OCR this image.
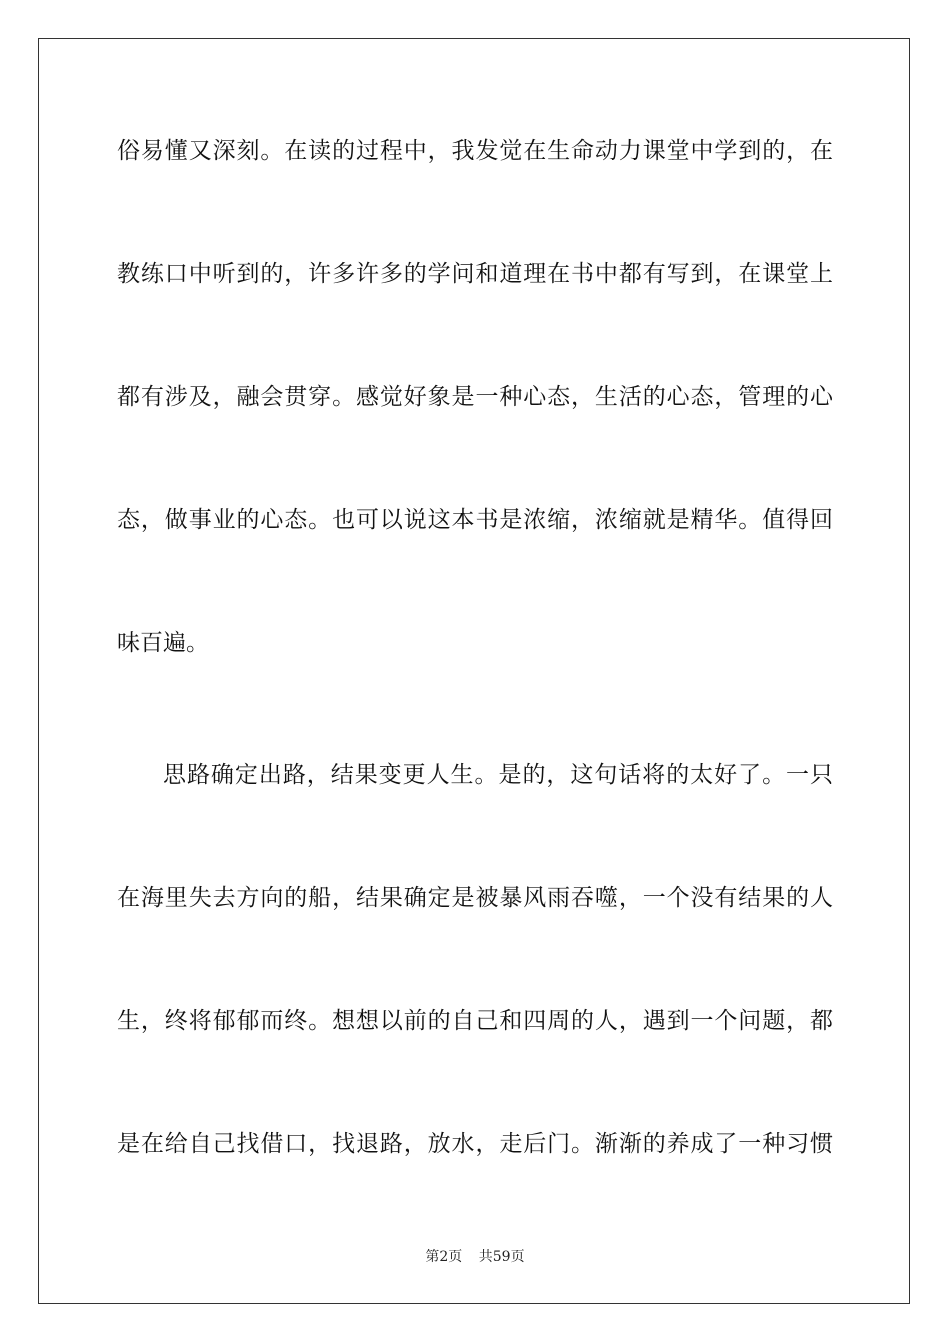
俗易懂又深刻。在读的过程中，我发觉在生命动力课堂中学到的，在
教练口中听到的，许多许多的学问和道理在书中都有写到，在课堂上
都有涉及，融会贯穿。感觉好象是一种心态，生活的心态，管理的心
态，做事业的心态。也可以说这本书是浓缩，浓缩就是精华。值得回
味百遍。
思路确定出路，结果变更人生。是的，这句话将的太好了。一只
在海里失去方向的船，结果确定是被暴风雨吞噬，一个没有结果的人
生，终将郁郁而终。想想以前的自己和四周的人，遇到一个问题，都
是在给自己找借口，找退路，放水，走后门。渐渐的养成了一种习惯
第2页 共59页
